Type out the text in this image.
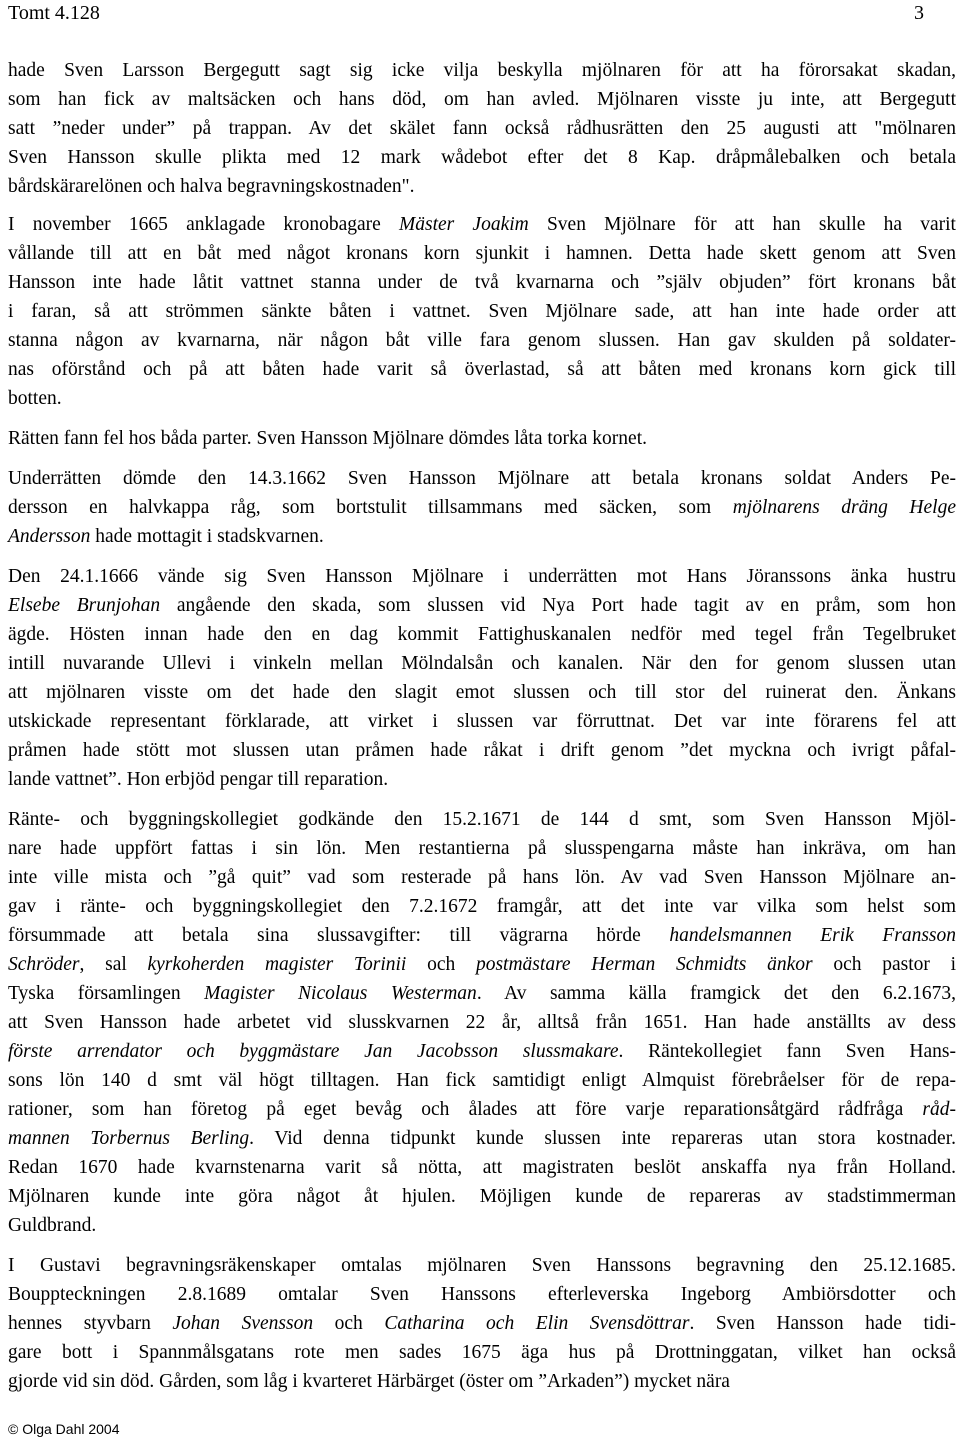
Tomt 4.128	3

hade Sven Larsson Bergegutt sagt sig icke vilja beskylla mjölnaren för att ha förorsakat skadan,
som han fick av maltsäcken och hans död, om han avled. Mjölnaren visste ju inte, att Bergegutt
satt ”neder under” på trappan. Av det skälet fann också rådhusrätten den 25 augusti att "mölnaren
Sven Hansson skulle plikta med 12 mark wådebot efter det 8 Kap. dråpmålebalken och betala
bårdskärarelönen och halva begravningskostnaden".

I november 1665 anklagade kronobagare Mäster Joakim Sven Mjölnare för att han skulle ha varit
vållande till att en båt med något kronans korn sjunkit i hamnen. Detta hade skett genom att Sven
Hansson inte hade låtit vattnet stanna under de två kvarnarna och ”själv objuden” fört kronans båt
i faran, så att strömmen sänkte båten i vattnet. Sven Mjölnare sade, att han inte hade order att
stanna någon av kvarnarna, när någon båt ville fara genom slussen. Han gav skulden på soldater-
nas oförstånd och på att båten hade varit så överlastad, så att båten med kronans korn gick till
botten.

Rätten fann fel hos båda parter. Sven Hansson Mjölnare dömdes låta torka kornet.

Underrätten dömde den 14.3.1662 Sven Hansson Mjölnare att betala kronans soldat Anders Pe-
dersson en halvkappa råg, som bortstulit tillsammans med säcken, som mjölnarens dräng Helge
Andersson hade mottagit i stadskvarnen.

Den 24.1.1666 vände sig Sven Hansson Mjölnare i underrätten mot Hans Jöranssons änka hustru
Elsebe Brunjohan angående den skada, som slussen vid Nya Port hade tagit av en pråm, som hon
ägde. Hösten innan hade den en dag kommit Fattighuskanalen nedför med tegel från Tegelbruket
intill nuvarande Ullevi i vinkeln mellan Mölndalsån och kanalen. När den for genom slussen utan
att mjölnaren visste om det hade den slagit emot slussen och till stor del ruinerat den. Änkans
utskickade representant förklarade, att virket i slussen var förruttnat. Det var inte förarens fel att
pråmen hade stött mot slussen utan pråmen hade råkat i drift genom ”det myckna och ivrigt påfal-
lande vattnet”. Hon erbjöd pengar till reparation.

Ränte- och byggningskollegiet godkände den 15.2.1671 de 144 d smt, som Sven Hansson Mjöl-
nare hade uppfört fattas i sin lön. Men restantierna på slusspengarna måste han inkräva, om han
inte ville mista och ”gå quit” vad som resterade på hans lön. Av vad Sven Hansson Mjölnare an-
gav i ränte- och byggningskollegiet den 7.2.1672 framgår, att det inte var vilka som helst som
försummade att betala sina slussavgifter: till vägrarna hörde handelsmannen Erik Fransson
Schröder, sal kyrkoherden magister Torinii och postmästare Herman Schmidts änkor och pastor i
Tyska församlingen Magister Nicolaus Westerman. Av samma källa framgick det den 6.2.1673,
att Sven Hansson hade arbetet vid slusskvarnen 22 år, alltså från 1651. Han hade anställts av dess
förste arrendator och byggmästare Jan Jacobsson slussmakare. Räntekollegiet fann Sven Hans-
sons lön 140 d smt väl högt tilltagen. Han fick samtidigt enligt Almquist förebråelser för de repa-
rationer, som han företog på eget bevåg och ålades att före varje reparationsåtgärd rådfråga råd-
mannen Torbernus Berling. Vid denna tidpunkt kunde slussen inte repareras utan stora kostnader.
Redan 1670 hade kvarnstenarna varit så nötta, att magistraten beslöt anskaffa nya från Holland.
Mjölnaren kunde inte göra något åt hjulen. Möjligen kunde de repareras av stadstimmerman
Guldbrand.

I Gustavi begravningsräkenskaper omtalas mjölnaren Sven Hanssons begravning den 25.12.1685.
Bouppteckningen 2.8.1689 omtalar Sven Hanssons efterleverska Ingeborg Ambiörsdotter och
hennes styvbarn Johan Svensson och Catharina och Elin Svensdöttrar. Sven Hansson hade tidi-
gare bott i Spannmålsgatans rote men sades 1675 äga hus på Drottninggatan, vilket han också
gjorde vid sin död. Gården, som låg i kvarteret Härbärget (öster om ”Arkaden”) mycket nära

© Olga Dahl 2004
